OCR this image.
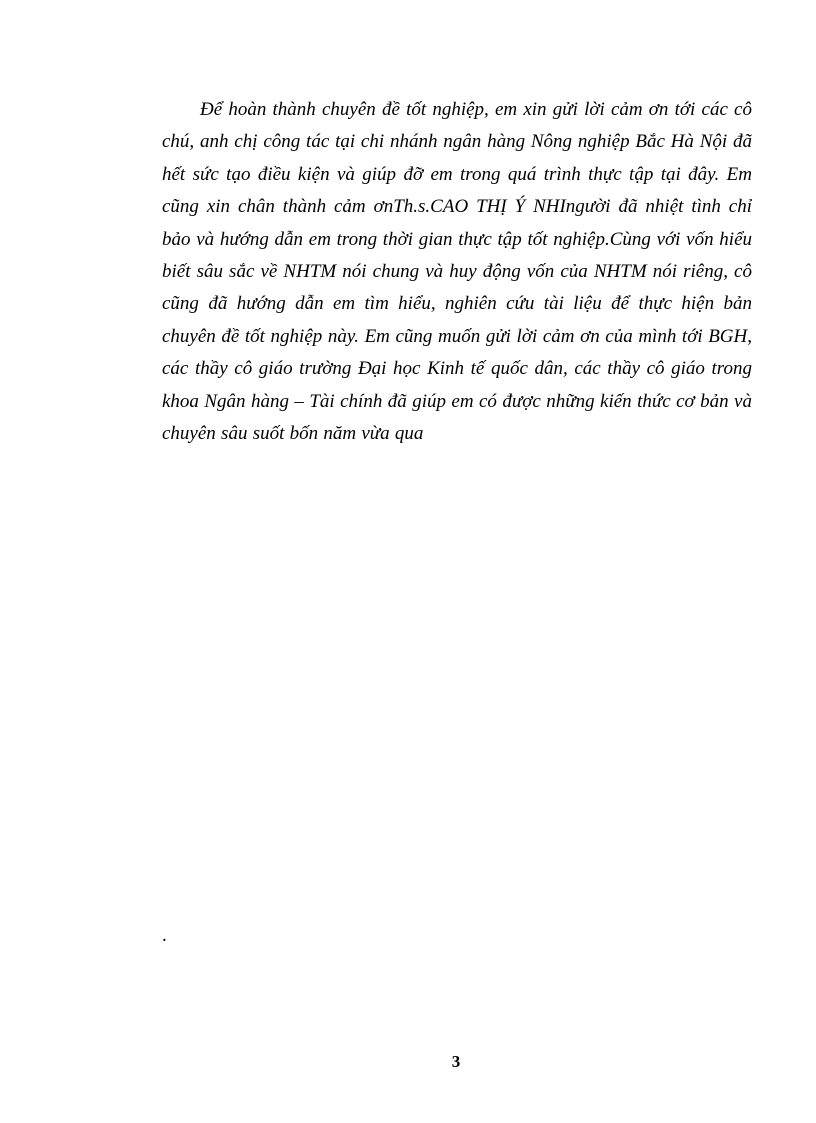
Để hoàn thành chuyên đề tốt nghiệp, em xin gửi lời cảm ơn tới các cô chú, anh chị công tác tại chi nhánh ngân hàng Nông nghiệp Bắc Hà Nội đã hết sức tạo điều kiện và giúp đỡ em trong quá trình thực tập tại đây. Em cũng xin chân thành cảm ơnTh.s.CAO THỊ Ý NHIngười đã nhiệt tình chỉ bảo và hướng dẫn em trong thời gian thực tập tốt nghiệp.Cùng với vốn hiểu biết sâu sắc về NHTM nói chung và huy động vốn của NHTM nói riêng, cô cũng đã hướng dẫn em tìm hiểu, nghiên cứu tài liệu để thực hiện bản chuyên đề tốt nghiệp này. Em cũng muốn gửi lời cảm ơn của mình tới BGH, các thầy cô giáo trường Đại học Kinh tế quốc dân, các thầy cô giáo trong khoa Ngân hàng – Tài chính đã giúp em có được những kiến thức cơ bản và chuyên sâu suốt bốn năm vừa qua

.
3
